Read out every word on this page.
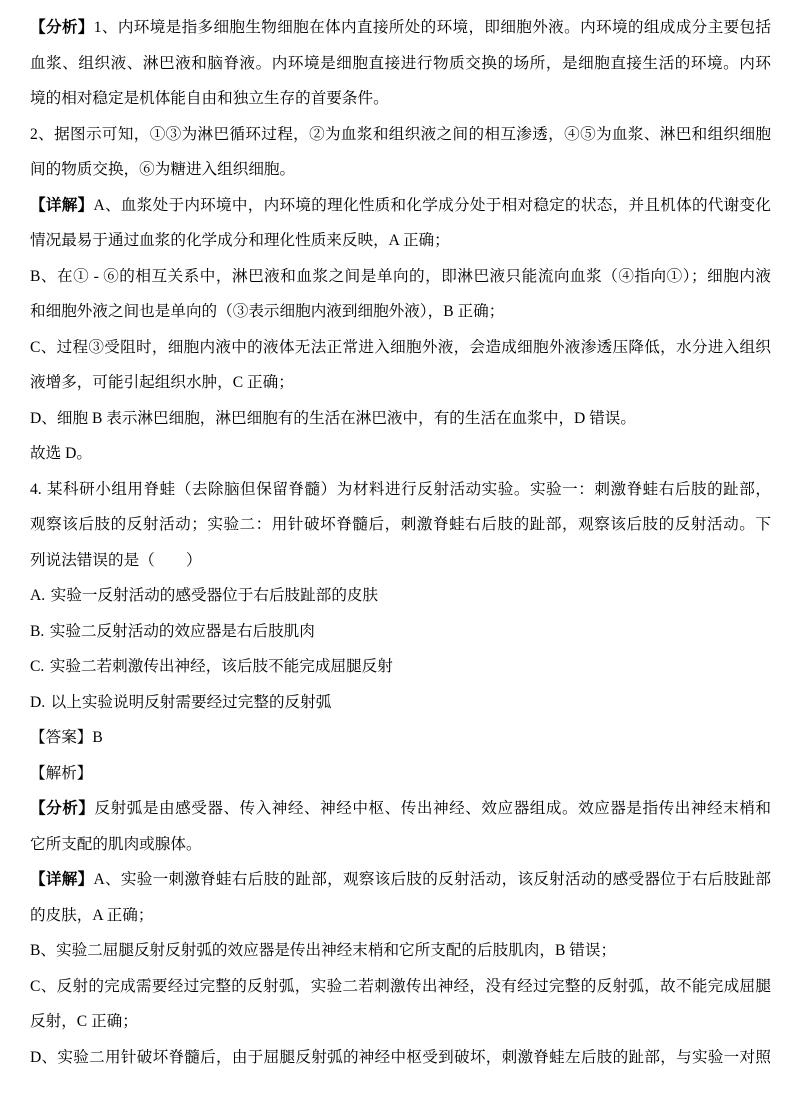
【分析】1、内环境是指多细胞生物细胞在体内直接所处的环境，即细胞外液。内环境的组成成分主要包括
血浆、组织液、淋巴液和脑脊液。内环境是细胞直接进行物质交换的场所，是细胞直接生活的环境。内环
境的相对稳定是机体能自由和独立生存的首要条件。
2、据图示可知，①③为淋巴循环过程，②为血浆和组织液之间的相互渗透，④⑤为血浆、淋巴和组织细胞
间的物质交换，⑥为糖进入组织细胞。
【详解】A、血浆处于内环境中，内环境的理化性质和化学成分处于相对稳定的状态，并且机体的代谢变化
情况最易于通过血浆的化学成分和理化性质来反映，A 正确；
B、在① - ⑥的相互关系中，淋巴液和血浆之间是单向的，即淋巴液只能流向血浆（④指向①）；细胞内液
和细胞外液之间也是单向的（③表示细胞内液到细胞外液），B 正确；
C、过程③受阻时，细胞内液中的液体无法正常进入细胞外液，会造成细胞外液渗透压降低，水分进入组织
液增多，可能引起组织水肿，C 正确；
D、细胞 B 表示淋巴细胞，淋巴细胞有的生活在淋巴液中，有的生活在血浆中，D 错误。
故选 D。
4. 某科研小组用脊蛙（去除脑但保留脊髓）为材料进行反射活动实验。实验一：刺激脊蛙右后肢的趾部，
观察该后肢的反射活动；实验二：用针破坏脊髓后，刺激脊蛙右后肢的趾部，观察该后肢的反射活动。下
列说法错误的是（　　）
A. 实验一反射活动的感受器位于右后肢趾部的皮肤
B. 实验二反射活动的效应器是右后肢肌肉
C. 实验二若刺激传出神经，该后肢不能完成屈腿反射
D. 以上实验说明反射需要经过完整的反射弧
【答案】B
【解析】
【分析】反射弧是由感受器、传入神经、神经中枢、传出神经、效应器组成。效应器是指传出神经末梢和
它所支配的肌肉或腺体。
【详解】A、实验一刺激脊蛙右后肢的趾部，观察该后肢的反射活动，该反射活动的感受器位于右后肢趾部
的皮肤，A 正确；
B、实验二屈腿反射反射弧的效应器是传出神经末梢和它所支配的后肢肌肉，B 错误；
C、反射的完成需要经过完整的反射弧，实验二若刺激传出神经，没有经过完整的反射弧，故不能完成屈腿
反射，C 正确；
D、实验二用针破坏脊髓后，由于屈腿反射弧的神经中枢受到破坏，刺激脊蛙左后肢的趾部，与实验一对照
